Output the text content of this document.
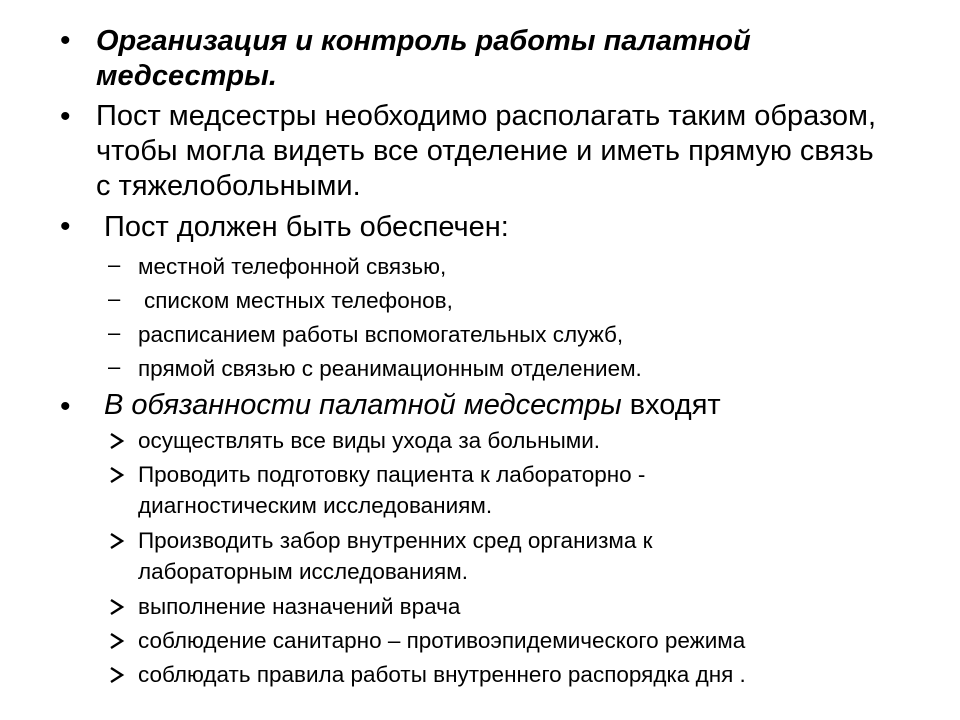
• Организация и контроль работы палатной медсестры.
• Пост медсестры необходимо располагать таким образом, чтобы могла видеть все отделение и иметь прямую связь с тяжелобольными.
• Пост должен быть обеспечен:
– местной телефонной связью,
– списком местных телефонов,
– расписанием работы вспомогательных служб,
– прямой связью с реанимационным отделением.
• В обязанности палатной медсестры входят
осуществлять все виды ухода за больными.
Проводить подготовку пациента к лабораторно - диагностическим исследованиям.
Производить забор внутренних сред организма к лабораторным исследованиям.
выполнение назначений врача
соблюдение санитарно – противоэпидемического режима
соблюдать правила работы внутреннего распорядка дня .
